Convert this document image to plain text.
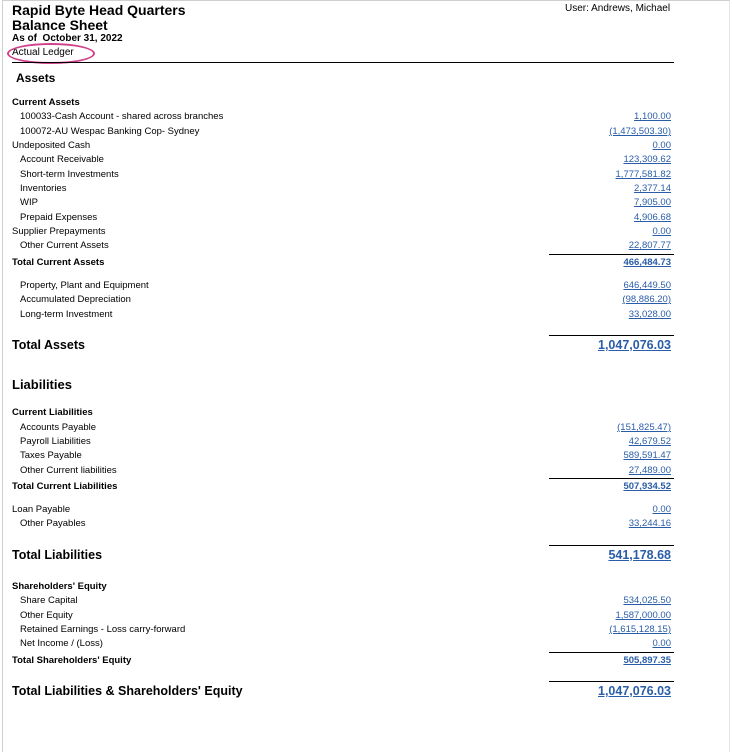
Rapid Byte Head Quarters
Balance Sheet
As of  October 31, 2022
Actual Ledger
User: Andrews, Michael
Assets
Current Assets
100033-Cash Account - shared across branches	1,100.00
100072-AU Wespac Banking Cop- Sydney	(1,473,503.30)
Undeposited Cash	0.00
Account Receivable	123,309.62
Short-term Investments	1,777,581.82
Inventories	2,377.14
WIP	7,905.00
Prepaid Expenses	4,906.68
Supplier Prepayments	0.00
Other Current Assets	22,807.77
Total Current Assets	466,484.73
Property, Plant and Equipment	646,449.50
Accumulated Depreciation	(98,886.20)
Long-term Investment	33,028.00
Total Assets	1,047,076.03
Liabilities
Current Liabilities
Accounts Payable	(151,825.47)
Payroll Liabilities	42,679.52
Taxes Payable	589,591.47
Other Current liabilities	27,489.00
Total Current Liabilities	507,934.52
Loan Payable	0.00
Other Payables	33,244.16
Total Liabilities	541,178.68
Shareholders' Equity
Share Capital	534,025.50
Other Equity	1,587,000.00
Retained Earnings - Loss carry-forward	(1,615,128.15)
Net Income / (Loss)	0.00
Total Shareholders' Equity	505,897.35
Total Liabilities & Shareholders' Equity	1,047,076.03
